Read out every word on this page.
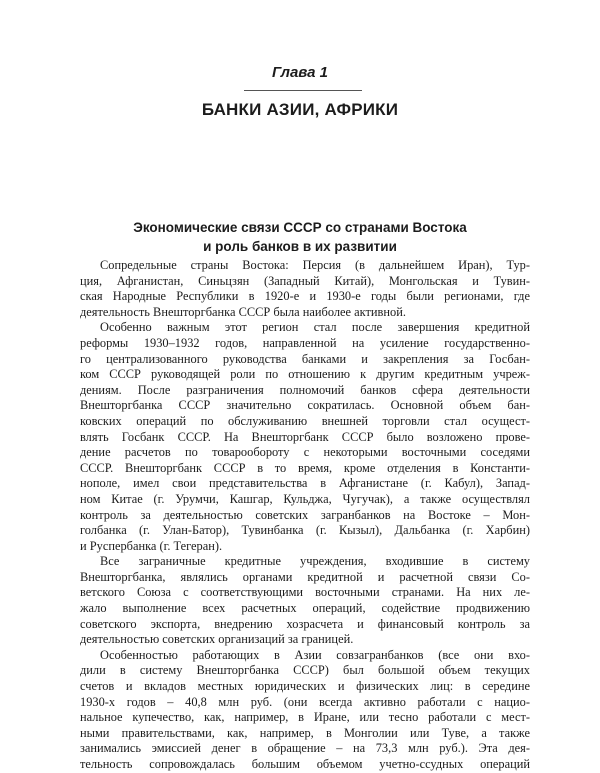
Глава 1
БАНКИ АЗИИ, АФРИКИ
Экономические связи СССР со странами Востока
и роль банков в их развитии

Сопредельные страны Востока: Персия (в дальнейшем Иран), Тур-
ция, Афганистан, Синьцзян (Западный Китай), Монгольская и Тувин-
ская Народные Республики в 1920-е и 1930-е годы были регионами, где
деятельность Внешторгбанка СССР была наиболее активной.

Особенно важным этот регион стал после завершения кредитной
реформы 1930–1932 годов, направленной на усиление государственно-
го централизованного руководства банками и закрепления за Госбан-
ком СССР руководящей роли по отношению к другим кредитным учреж-
дениям. После разграничения полномочий банков сфера деятельности
Внешторгбанка СССР значительно сократилась. Основной объем бан-
ковских операций по обслуживанию внешней торговли стал осущест-
влять Госбанк СССР. На Внешторгбанк СССР было возложено прове-
дение расчетов по товарообороту с некоторыми восточными соседями
СССР. Внешторгбанк СССР в то время, кроме отделения в Константи-
нополе, имел свои представительства в Афганистане (г. Кабул), Запад-
ном Китае (г. Урумчи, Кашгар, Кульджа, Чугучак), а также осуществлял
контроль за деятельностью советских загранбанков на Востоке – Мон-
голбанка (г. Улан-Батор), Тувинбанка (г. Кызыл), Дальбанка (г. Харбин)
и Руспербанка (г. Тегеран).

Все заграничные кредитные учреждения, входившие в систему
Внешторгбанка, являлись органами кредитной и расчетной связи Со-
ветского Союза с соответствующими восточными странами. На них ле-
жало выполнение всех расчетных операций, содействие продвижению
советского экспорта, внедрению хозрасчета и финансовый контроль за
деятельностью советских организаций за границей.

Особенностью работающих в Азии совзагранбанков (все они вхо-
дили в систему Внешторгбанка СССР) был большой объем текущих
счетов и вкладов местных юридических и физических лиц: в середине
1930-х годов – 40,8 млн руб. (они всегда активно работали с нацио-
нальное купечество, как, например, в Иране, или тесно работали с мест-
ными правительствами, как, например, в Монголии или Туве, а также
занимались эмиссией денег в обращение – на 73,3 млн руб.). Эта дея-
тельность сопровождалась большим объемом учетно-ссудных операций
